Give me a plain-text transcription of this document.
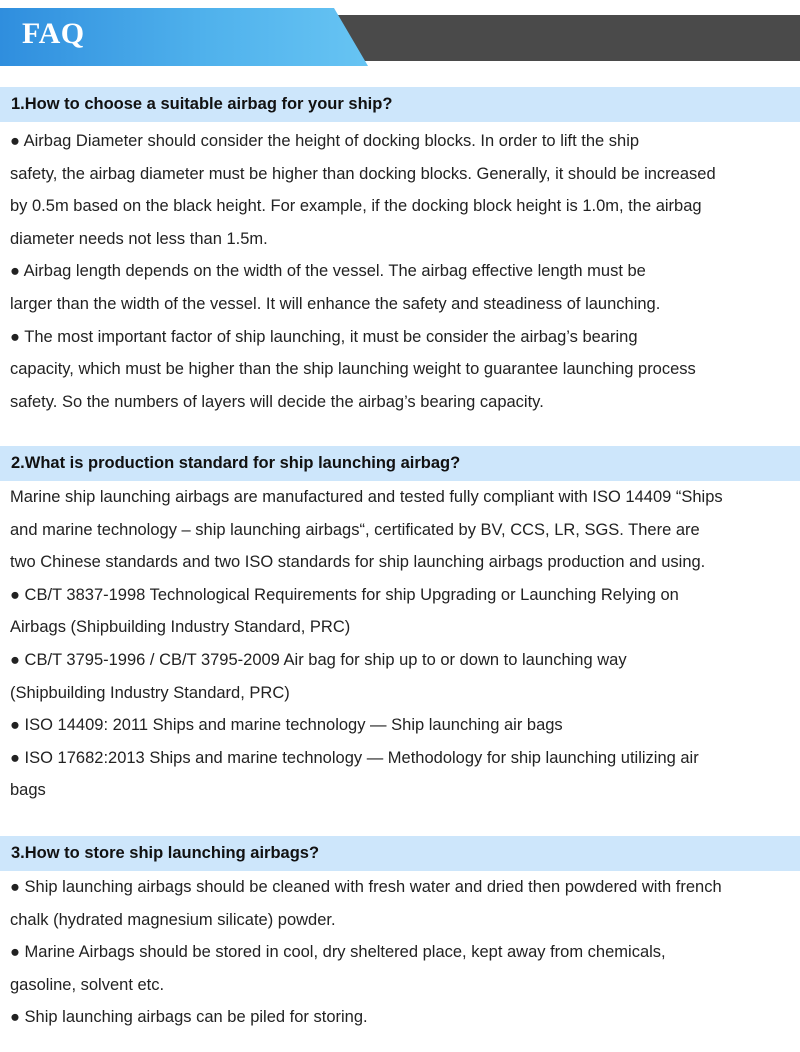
FAQ
1.How to choose a suitable airbag for your ship?
● Airbag Diameter should consider the height of docking blocks. In order to lift the ship
safety, the airbag diameter must be higher than docking blocks. Generally, it should be increased
by 0.5m based on the black height. For example, if the docking block height is 1.0m, the airbag
diameter needs not less than 1.5m.
● Airbag length depends on the width of the vessel. The airbag effective length must be
larger than the width of the vessel. It will enhance the safety and steadiness of launching.
● The most important factor of ship launching, it must be consider the airbag’s bearing
capacity, which must be higher than the ship launching weight to guarantee launching process
safety. So the numbers of layers will decide the airbag’s bearing capacity.
2.What is production standard for ship launching airbag?
Marine ship launching airbags are manufactured and tested fully compliant with ISO 14409 “Ships
and marine technology – ship launching airbags“, certificated by BV, CCS, LR, SGS. There are
two Chinese standards and two ISO standards for ship launching airbags production and using.
● CB/T 3837-1998 Technological Requirements for ship Upgrading or Launching Relying on
Airbags (Shipbuilding Industry Standard, PRC)
● CB/T 3795-1996 / CB/T 3795-2009 Air bag for ship up to or down to launching way
(Shipbuilding Industry Standard, PRC)
● ISO 14409: 2011 Ships and marine technology — Ship launching air bags
● ISO 17682:2013 Ships and marine technology — Methodology for ship launching utilizing air
bags
3.How to store ship launching airbags?
● Ship launching airbags should be cleaned with fresh water and dried then powdered with french
chalk (hydrated magnesium silicate) powder.
● Marine Airbags should be stored in cool, dry sheltered place, kept away from chemicals,
gasoline, solvent etc.
● Ship launching airbags can be piled for storing.
